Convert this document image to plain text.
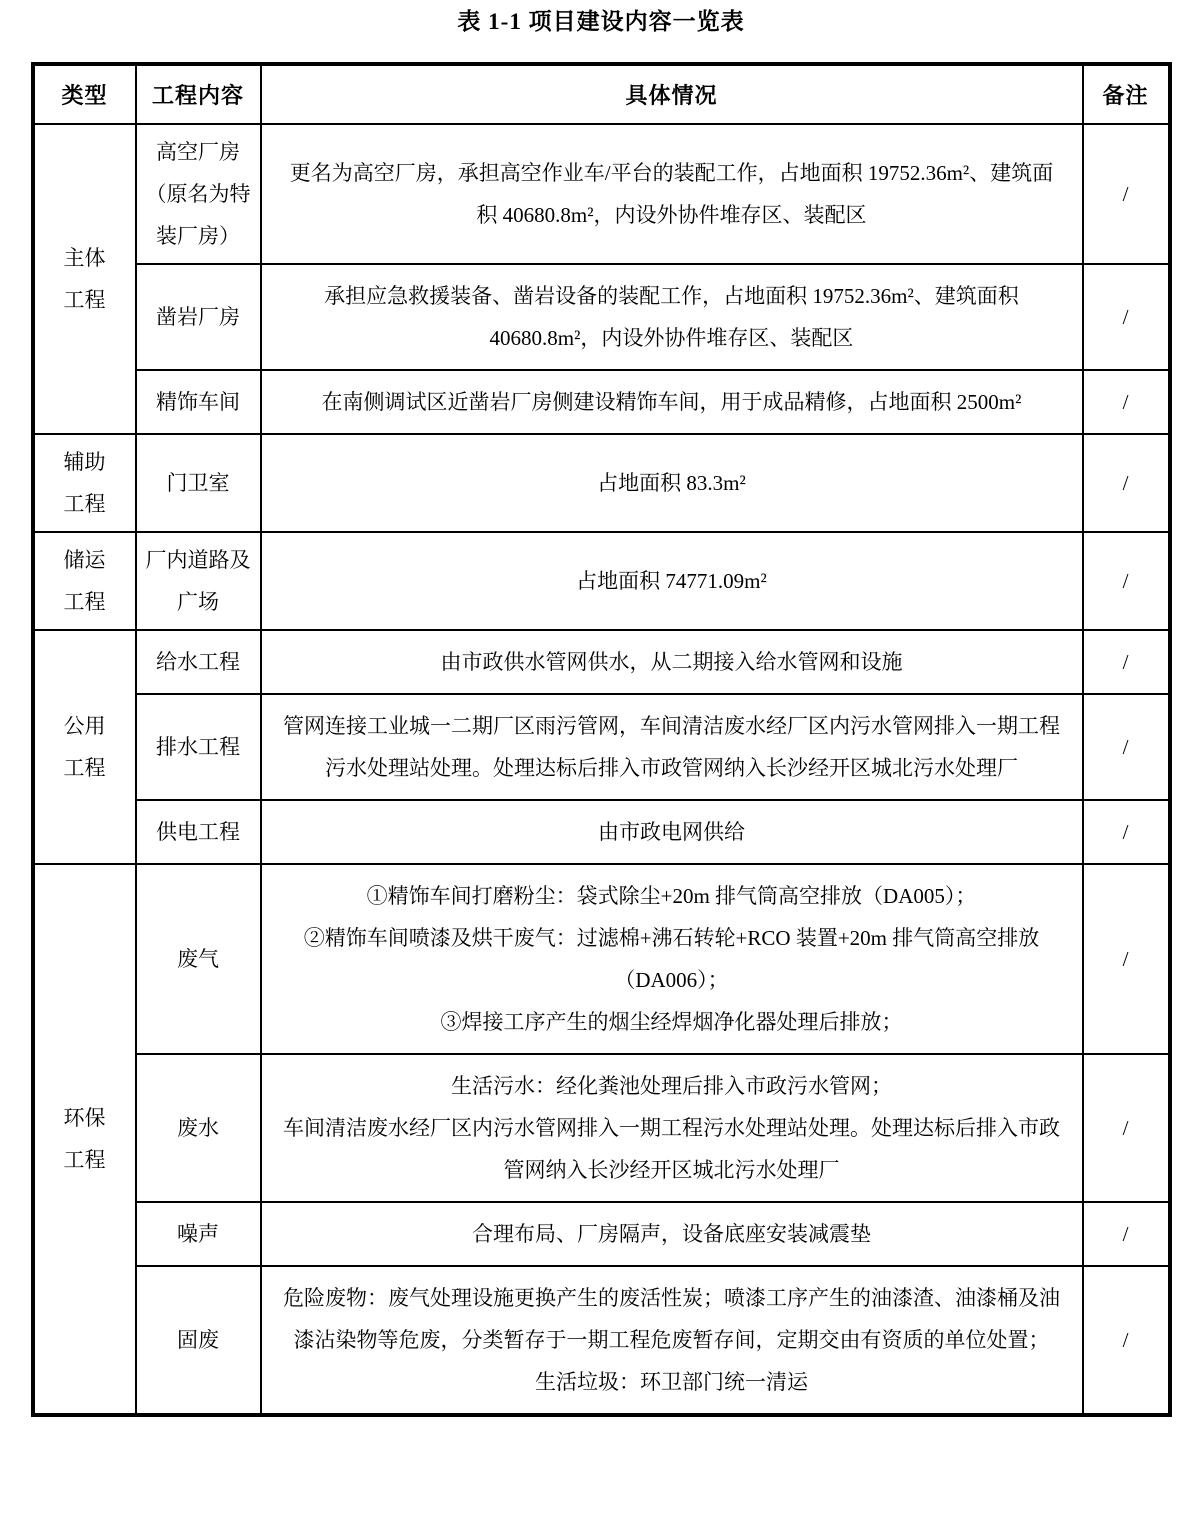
表 1-1 项目建设内容一览表
类型	工程内容	具体情况	备注
主体工程	高空厂房（原名为特装厂房）	更名为高空厂房，承担高空作业车/平台的装配工作，占地面积 19752.36m²、建筑面积 40680.8m²，内设外协件堆存区、装配区	/
	凿岩厂房	承担应急救援装备、凿岩设备的装配工作，占地面积 19752.36m²、建筑面积 40680.8m²，内设外协件堆存区、装配区	/
	精饰车间	在南侧调试区近凿岩厂房侧建设精饰车间，用于成品精修，占地面积 2500m²	/
辅助工程	门卫室	占地面积 83.3m²	/
储运工程	厂内道路及广场	占地面积 74771.09m²	/
公用工程	给水工程	由市政供水管网供水，从二期接入给水管网和设施	/
	排水工程	管网连接工业城一二期厂区雨污管网，车间清洁废水经厂区内污水管网排入一期工程污水处理站处理。处理达标后排入市政管网纳入长沙经开区城北污水处理厂	/
	供电工程	由市政电网供给	/
环保工程	废气	①精饰车间打磨粉尘：袋式除尘+20m 排气筒高空排放（DA005）；

②精饰车间喷漆及烘干废气：过滤棉+沸石转轮+RCO 装置+20m 排气筒高空排放（DA006）；

③焊接工序产生的烟尘经焊烟净化器处理后排放；	/
	废水	生活污水：经化粪池处理后排入市政污水管网；

车间清洁废水经厂区内污水管网排入一期工程污水处理站处理。处理达标后排入市政管网纳入长沙经开区城北污水处理厂	/
	噪声	合理布局、厂房隔声，设备底座安装减震垫	/
	固废	危险废物：废气处理设施更换产生的废活性炭；喷漆工序产生的油漆渣、油漆桶及油漆沾染物等危废，分类暂存于一期工程危废暂存间，定期交由有资质的单位处置；

生活垃圾：环卫部门统一清运	/
